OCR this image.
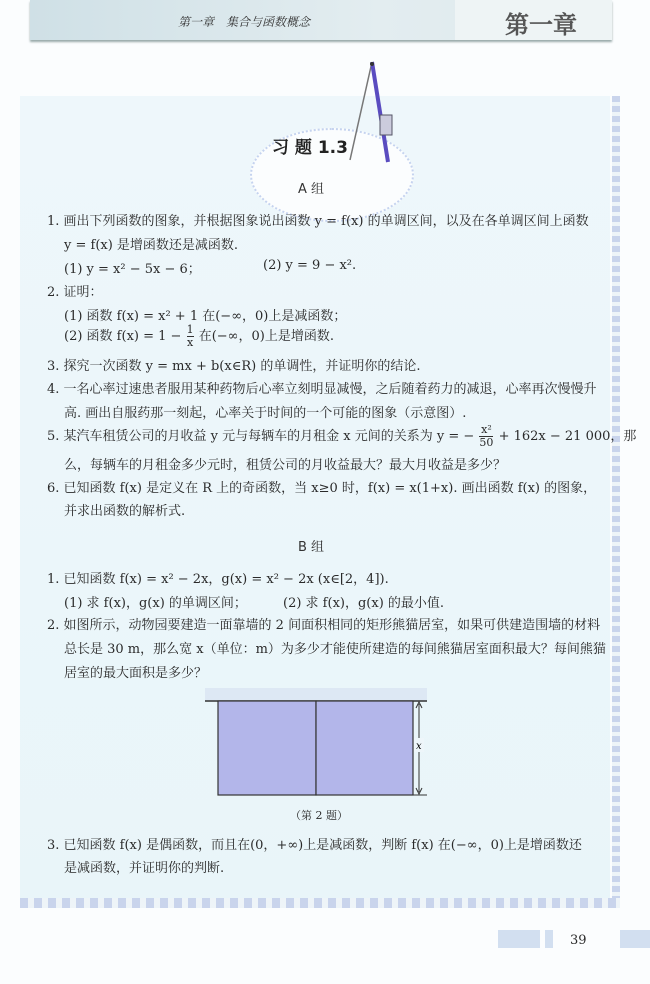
第一章　集合与函数概念	第一章
习 题 1.3
A 组
1. 画出下列函数的图象，并根据图象说出函数 y = f(x) 的单调区间，以及在各单调区间上函数
y = f(x) 是增函数还是减函数.
(1) y = x² − 5x − 6；	(2) y = 9 − x².
2. 证明：
(1) 函数 f(x) = x² + 1 在(−∞，0)上是减函数；
(2) 函数 $f(x) = 1 - \frac{1}{x}$ 在(−∞，0)上是增函数.
3. 探究一次函数 y = mx + b(x∈R) 的单调性，并证明你的结论.
4. 一名心率过速患者服用某种药物后心率立刻明显减慢，之后随着药力的减退，心率再次慢慢升
高. 画出自服药那一刻起，心率关于时间的一个可能的图象（示意图）.
5. 某汽车租赁公司的月收益 y 元与每辆车的月租金 x 元间的关系为 y = − $\frac{\text{x²}}{50} + 162x - 21$ 000，那
么，每辆车的月租金多少元时，租赁公司的月收益最大？最大月收益是多少？
6. 已知函数 f(x) 是定义在 R 上的奇函数，当 x≥0 时，f(x) = x(1+x). 画出函数 f(x) 的图象，
并求出函数的解析式.
B 组
1. 已知函数 f(x) = x² − 2x，g(x) = x² − 2x (x∈[2，4]).
(1) 求 f(x)，g(x) 的单调区间；	(2) 求 f(x)，g(x) 的最小值.
2. 如图所示，动物园要建造一面靠墙的 2 间面积相同的矩形熊猫居室，如果可供建造围墙的材料
总长是 30 m，那么宽 x（单位：m）为多少才能使所建造的每间熊猫居室面积最大？每间熊猫
居室的最大面积是多少？
x
（第 2 题）
3. 已知函数 f(x) 是偶函数，而且在(0，+∞)上是减函数，判断 f(x) 在(−∞，0)上是增函数还
是减函数，并证明你的判断.
39
